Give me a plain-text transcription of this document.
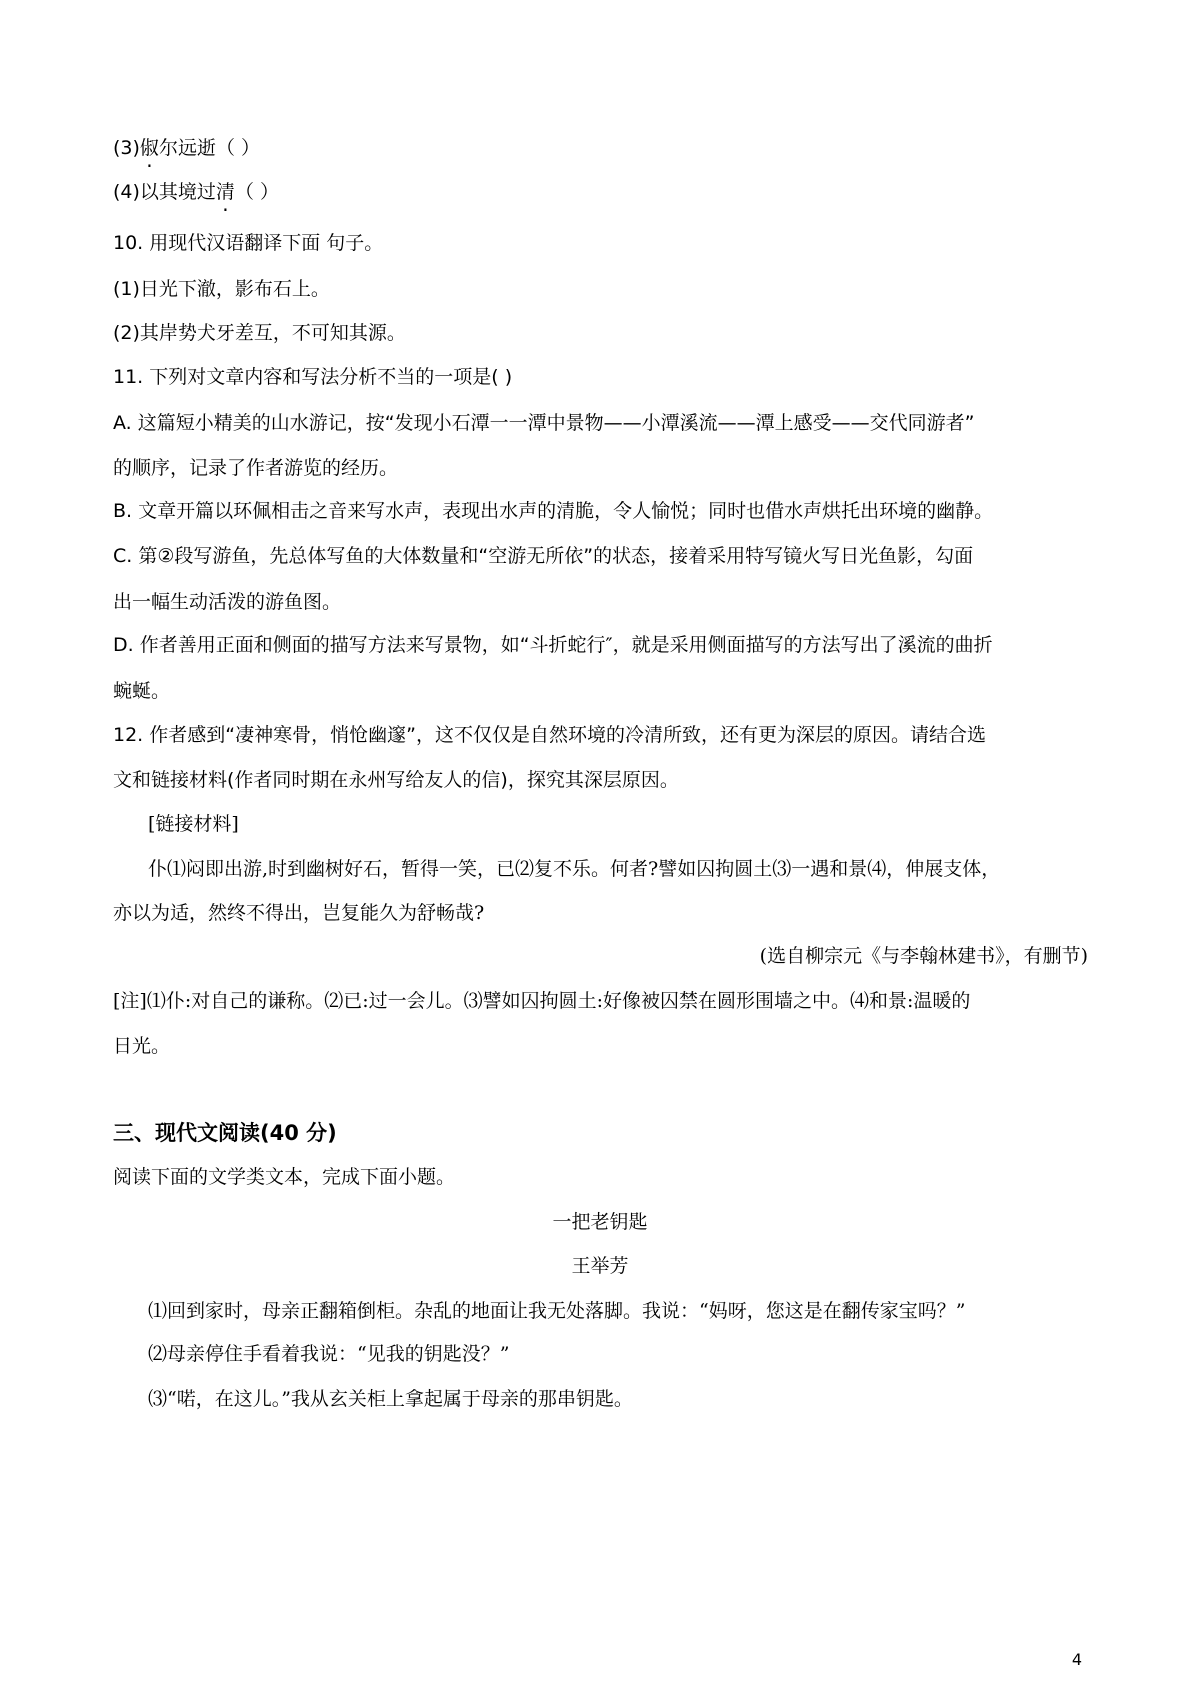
(3)俶尔远逝（ ）
(4)以其境过清（ ）
10. 用现代汉语翻译下面 句子。
(1)日光下澈，影布石上。
(2)其岸势犬牙差互，不可知其源。
11. 下列对文章内容和写法分析不当的一项是( )
A. 这篇短小精美的山水游记，按“发现小石潭一一潭中景物——小潭溪流——潭上感受——交代同游者”
的顺序，记录了作者游览的经历。
B. 文章开篇以环佩相击之音来写水声，表现出水声的清脆，令人愉悦；同时也借水声烘托出环境的幽静。
C. 第②段写游鱼，先总体写鱼的大体数量和“空游无所依”的状态，接着采用特写镜火写日光鱼影，勾面
出一幅生动活泼的游鱼图。
D. 作者善用正面和侧面的描写方法来写景物，如“斗折蛇行″，就是采用侧面描写的方法写出了溪流的曲折
蜿蜒。
12. 作者感到“凄神寒骨，悄怆幽邃”，这不仅仅是自然环境的冷清所致，还有更为深层的原因。请结合选
文和链接材料(作者同时期在永州写给友人的信)，探究其深层原因。
[链接材料]
仆⑴闷即出游,时到幽树好石，暂得一笑，已⑵复不乐。何者?譬如囚拘圆土⑶一遇和景⑷，伸展支体，
亦以为适，然终不得出，岂复能久为舒畅哉?
(选自柳宗元《与李翰林建书》，有删节)
[注]⑴仆:对自己的谦称。⑵已:过一会儿。⑶譬如囚拘圆土:好像被囚禁在圆形围墙之中。⑷和景:温暖的
日光。
三、现代文阅读(40 分)
阅读下面的文学类文本，完成下面小题。
一把老钥匙
王举芳
⑴回到家时，母亲正翻箱倒柜。杂乱的地面让我无处落脚。我说：“妈呀，您这是在翻传家宝吗？”
⑵母亲停住手看着我说：“见我的钥匙没？”
⑶“喏，在这儿。”我从玄关柜上拿起属于母亲的那串钥匙。
4
